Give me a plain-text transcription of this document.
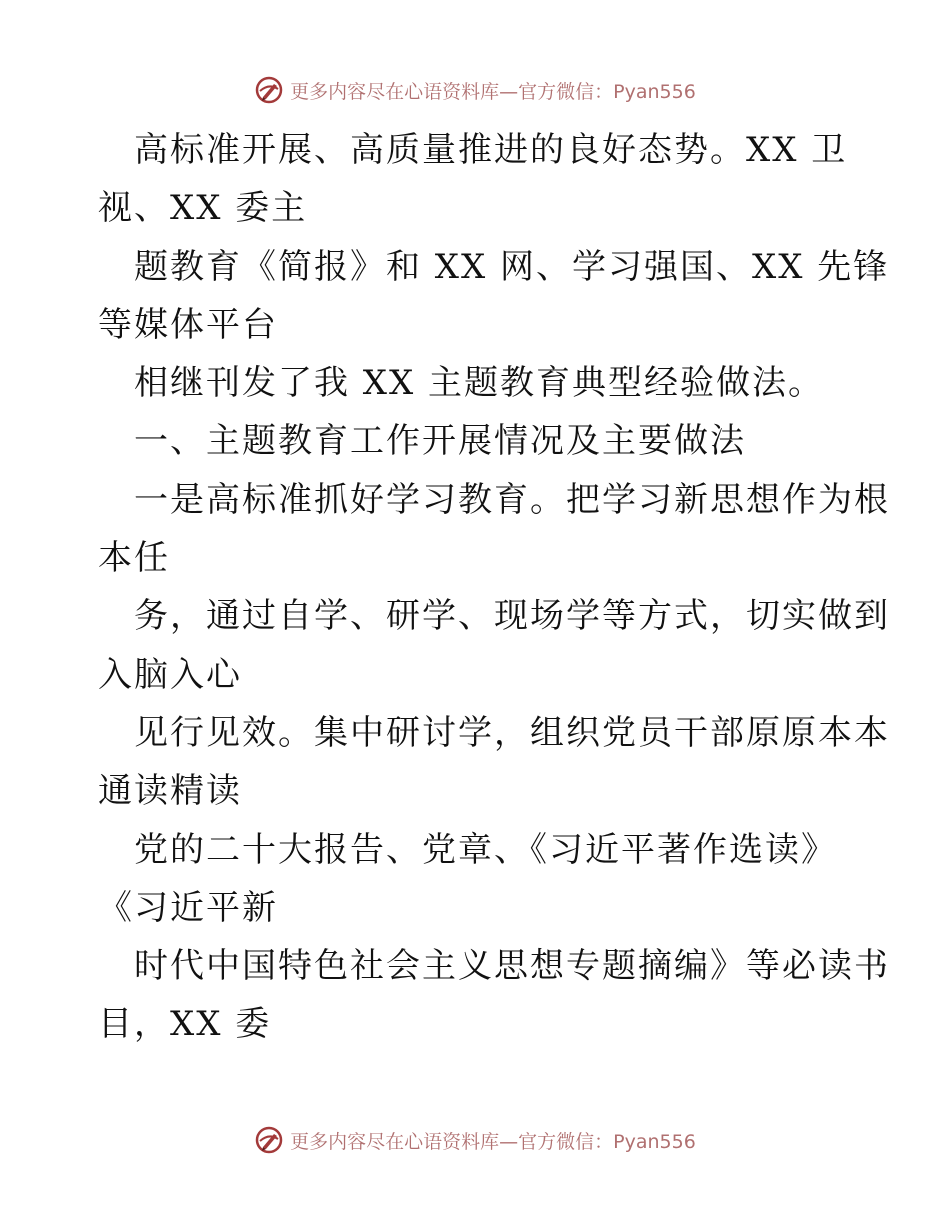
更多内容尽在心语资料库—官方微信：Pyan556
高标准开展、高质量推进的良好态势。XX 卫
视、XX 委主
题教育《简报》和 XX 网、学习强国、XX 先锋
等媒体平台
相继刊发了我 XX 主题教育典型经验做法。
一、主题教育工作开展情况及主要做法
一是高标准抓好学习教育。把学习新思想作为根
本任
务，通过自学、研学、现场学等方式，切实做到
入脑入心
见行见效。集中研讨学，组织党员干部原原本本
通读精读
党的二十大报告、党章、《习近平著作选读》
《习近平新
时代中国特色社会主义思想专题摘编》等必读书
目，XX 委
更多内容尽在心语资料库—官方微信：Pyan556
